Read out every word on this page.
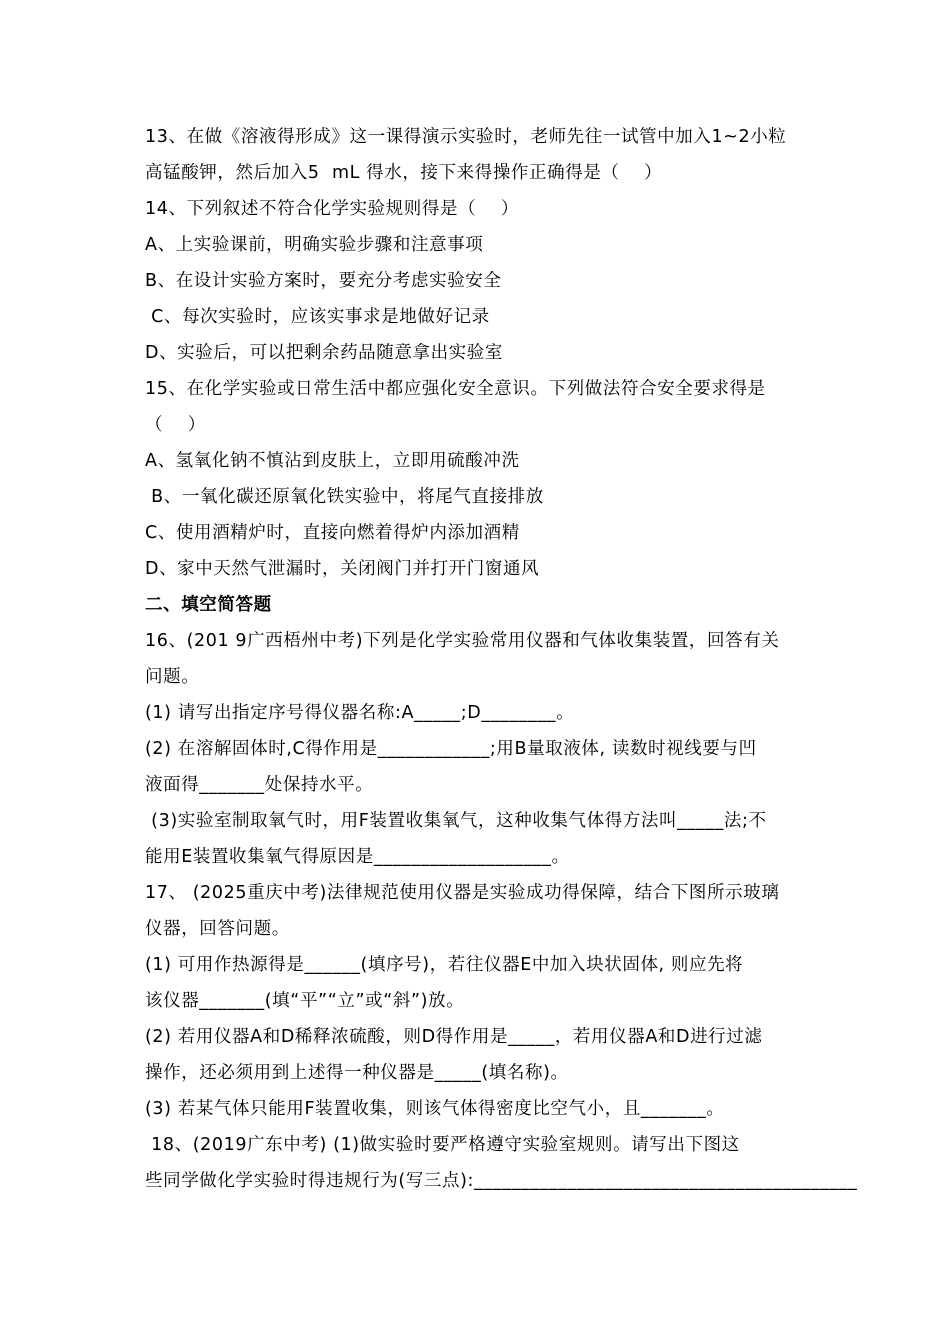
13、在做《溶液得形成》这一课得演示实验时，老师先往一试管中加入1~2小粒
高锰酸钾，然后加入5  mL 得水，接下来得操作正确得是（    ）
14、下列叙述不符合化学实验规则得是（    ）
A、上实验课前，明确实验步骤和注意事项
B、在设计实验方案时，要充分考虑实验安全
C、每次实验时，应该实事求是地做好记录
D、实验后，可以把剩余药品随意拿出实验室
15、在化学实验或日常生活中都应强化安全意识。下列做法符合安全要求得是
（    ）
A、氢氧化钠不慎沾到皮肤上，立即用硫酸冲洗
B、一氧化碳还原氧化铁实验中，将尾气直接排放
C、使用酒精炉时，直接向燃着得炉内添加酒精
D、家中天然气泄漏时，关闭阀门并打开门窗通风
二、填空简答题
16、(201 9广西梧州中考)下列是化学实验常用仪器和气体收集装置，回答有关
问题。
(1) 请写出指定序号得仪器名称:A_____;D________。
(2) 在溶解固体时,C得作用是____________;用B量取液体, 读数时视线要与凹
液面得_______处保持水平。
(3)实验室制取氧气时，用F装置收集氧气，这种收集气体得方法叫_____法;不
能用E装置收集氧气得原因是___________________。
17、 (2025重庆中考)法律规范使用仪器是实验成功得保障，结合下图所示玻璃
仪器，回答问题。
(1) 可用作热源得是______(填序号)，若往仪器E中加入块状固体, 则应先将
该仪器_______(填“平”“立”或“斜”)放。
(2) 若用仪器A和D稀释浓硫酸，则D得作用是_____，若用仪器A和D进行过滤
操作，还必须用到上述得一种仪器是_____(填名称)。
(3) 若某气体只能用F装置收集，则该气体得密度比空气小，且_______。
18、(2019广东中考) (1)做实验时要严格遵守实验室规则。请写出下图这
些同学做化学实验时得违规行为(写三点):_________________________________________
